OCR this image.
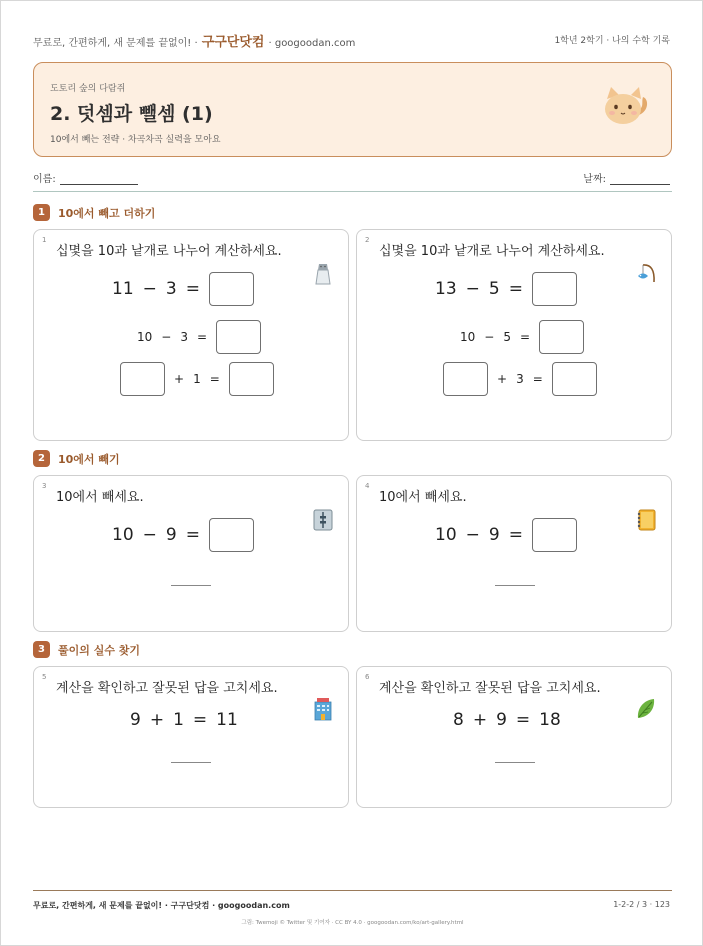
무료로, 간편하게, 새 문제를 끝없이! · 구구단닷컴 · googoodan.com	1학년 2학기 · 나의 수학 기록
도토리 숲의 다람쥐
2. 덧셈과 뺄셈 (1)
10에서 빼는 전략 · 차곡차곡 실력을 모아요
이름:	날짜:
1	10에서 빼고 더하기
1
십몇을 10과 낱개로 나누어 계산하세요.
11 − 3 =
10 − 3 =
+ 1 =
2
십몇을 10과 낱개로 나누어 계산하세요.
13 − 5 =
10 − 5 =
+ 3 =
2	10에서 빼기
3
10에서 빼세요.
10 − 9 =
4
10에서 빼세요.
10 − 9 =
3	풀이의 실수 찾기
5
계산을 확인하고 잘못된 답을 고치세요.
9 + 1 = 11
6
계산을 확인하고 잘못된 답을 고치세요.
8 + 9 = 18
무료로, 간편하게, 새 문제를 끝없이! · 구구단닷컴 · googoodan.com	1-2-2 / 3 · 123
그림: Twemoji © Twitter 및 기여자 · CC BY 4.0 · googoodan.com/ko/art-gallery.html
